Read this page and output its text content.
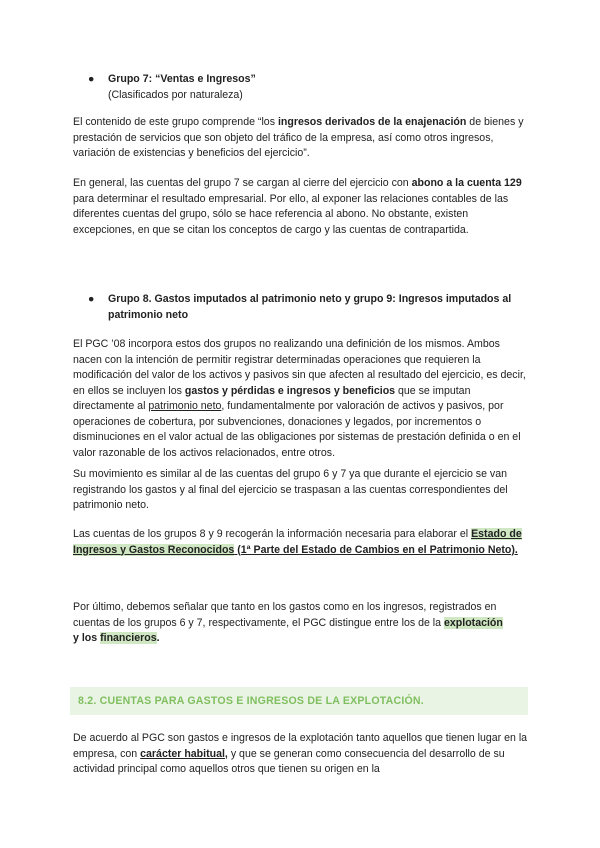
● Grupo 7: “Ventas e Ingresos”
(Clasificados por naturaleza)

El contenido de este grupo comprende “los ingresos derivados de la enajenación de bienes y prestación de servicios que son objeto del tráfico de la empresa, así como otros ingresos, variación de existencias y beneficios del ejercicio”.

En general, las cuentas del grupo 7 se cargan al cierre del ejercicio con abono a la cuenta 129 para determinar el resultado empresarial. Por ello, al exponer las relaciones contables de las diferentes cuentas del grupo, sólo se hace referencia al abono. No obstante, existen excepciones, en que se citan los conceptos de cargo y las cuentas de contrapartida.

● Grupo 8. Gastos imputados al patrimonio neto y grupo 9: Ingresos imputados al patrimonio neto

El PGC ’08 incorpora estos dos grupos no realizando una definición de los mismos. Ambos nacen con la intención de permitir registrar determinadas operaciones que requieren la modificación del valor de los activos y pasivos sin que afecten al resultado del ejercicio, es decir, en ellos se incluyen los gastos y pérdidas e ingresos y beneficios que se imputan directamente al patrimonio neto, fundamentalmente por valoración de activos y pasivos, por operaciones de cobertura, por subvenciones, donaciones y legados, por incrementos o disminuciones en el valor actual de las obligaciones por sistemas de prestación definida o en el valor razonable de los activos relacionados, entre otros.

Su movimiento es similar al de las cuentas del grupo 6 y 7 ya que durante el ejercicio se van registrando los gastos y al final del ejercicio se traspasan a las cuentas correspondientes del patrimonio neto.

Las cuentas de los grupos 8 y 9 recogerán la información necesaria para elaborar el Estado de Ingresos y Gastos Reconocidos (1ª Parte del Estado de Cambios en el Patrimonio Neto).

Por último, debemos señalar que tanto en los gastos como en los ingresos, registrados en cuentas de los grupos 6 y 7, respectivamente, el PGC distingue entre los de la explotación
y los financieros.

8.2. CUENTAS PARA GASTOS E INGRESOS DE LA EXPLOTACIÓN.

De acuerdo al PGC son gastos e ingresos de la explotación tanto aquellos que tienen lugar en la empresa, con carácter habitual, y que se generan como consecuencia del desarrollo de su actividad principal como aquellos otros que tienen su origen en la
